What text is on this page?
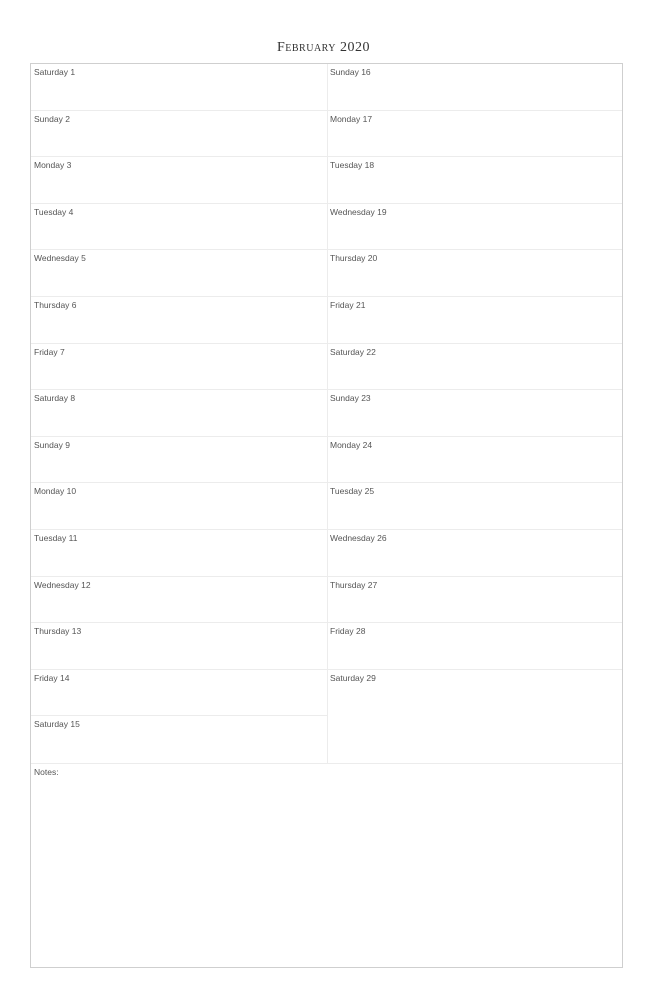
February 2020
Saturday 1
Sunday 2
Monday 3
Tuesday 4
Wednesday 5
Thursday 6
Friday 7
Saturday 8
Sunday 9
Monday 10
Tuesday 11
Wednesday 12
Thursday 13
Friday 14
Saturday 15
Sunday 16
Monday 17
Tuesday 18
Wednesday 19
Thursday 20
Friday 21
Saturday 22
Sunday 23
Monday 24
Tuesday 25
Wednesday 26
Thursday 27
Friday 28
Saturday 29
Notes:
